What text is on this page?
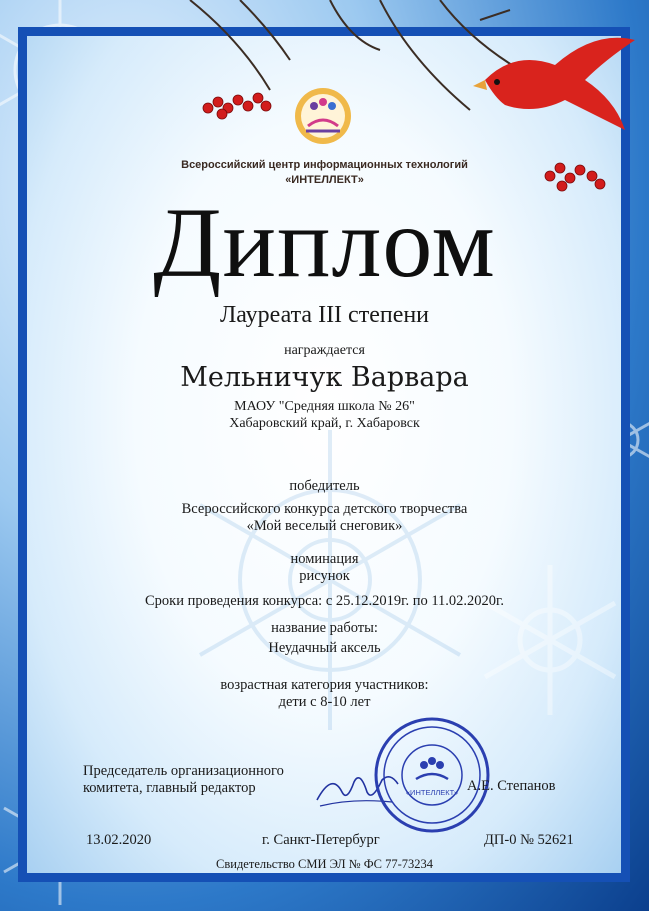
Всероссийский центр информационных технологий
«ИНТЕЛЛЕКТ»
Диплом
Лауреата III степени
награждается
Мельничук Варвара
МАОУ "Средняя школа № 26"
Хабаровский край, г. Хабаровск
победитель
Всероссийского конкурса детского творчества
«Мой веселый снеговик»
номинация
рисунок
Сроки проведения конкурса: с 25.12.2019г. по 11.02.2020г.
название работы:
Неудачный аксель
возрастная категория участников:
дети с 8-10 лет
Председатель организационного
комитета, главный редактор	«ИНТЕЛЛЕКТ» А.Е. Степанов
13.02.2020	г. Санкт-Петербург	ДП-0 № 52621
Свидетельство СМИ ЭЛ № ФС 77-73234
